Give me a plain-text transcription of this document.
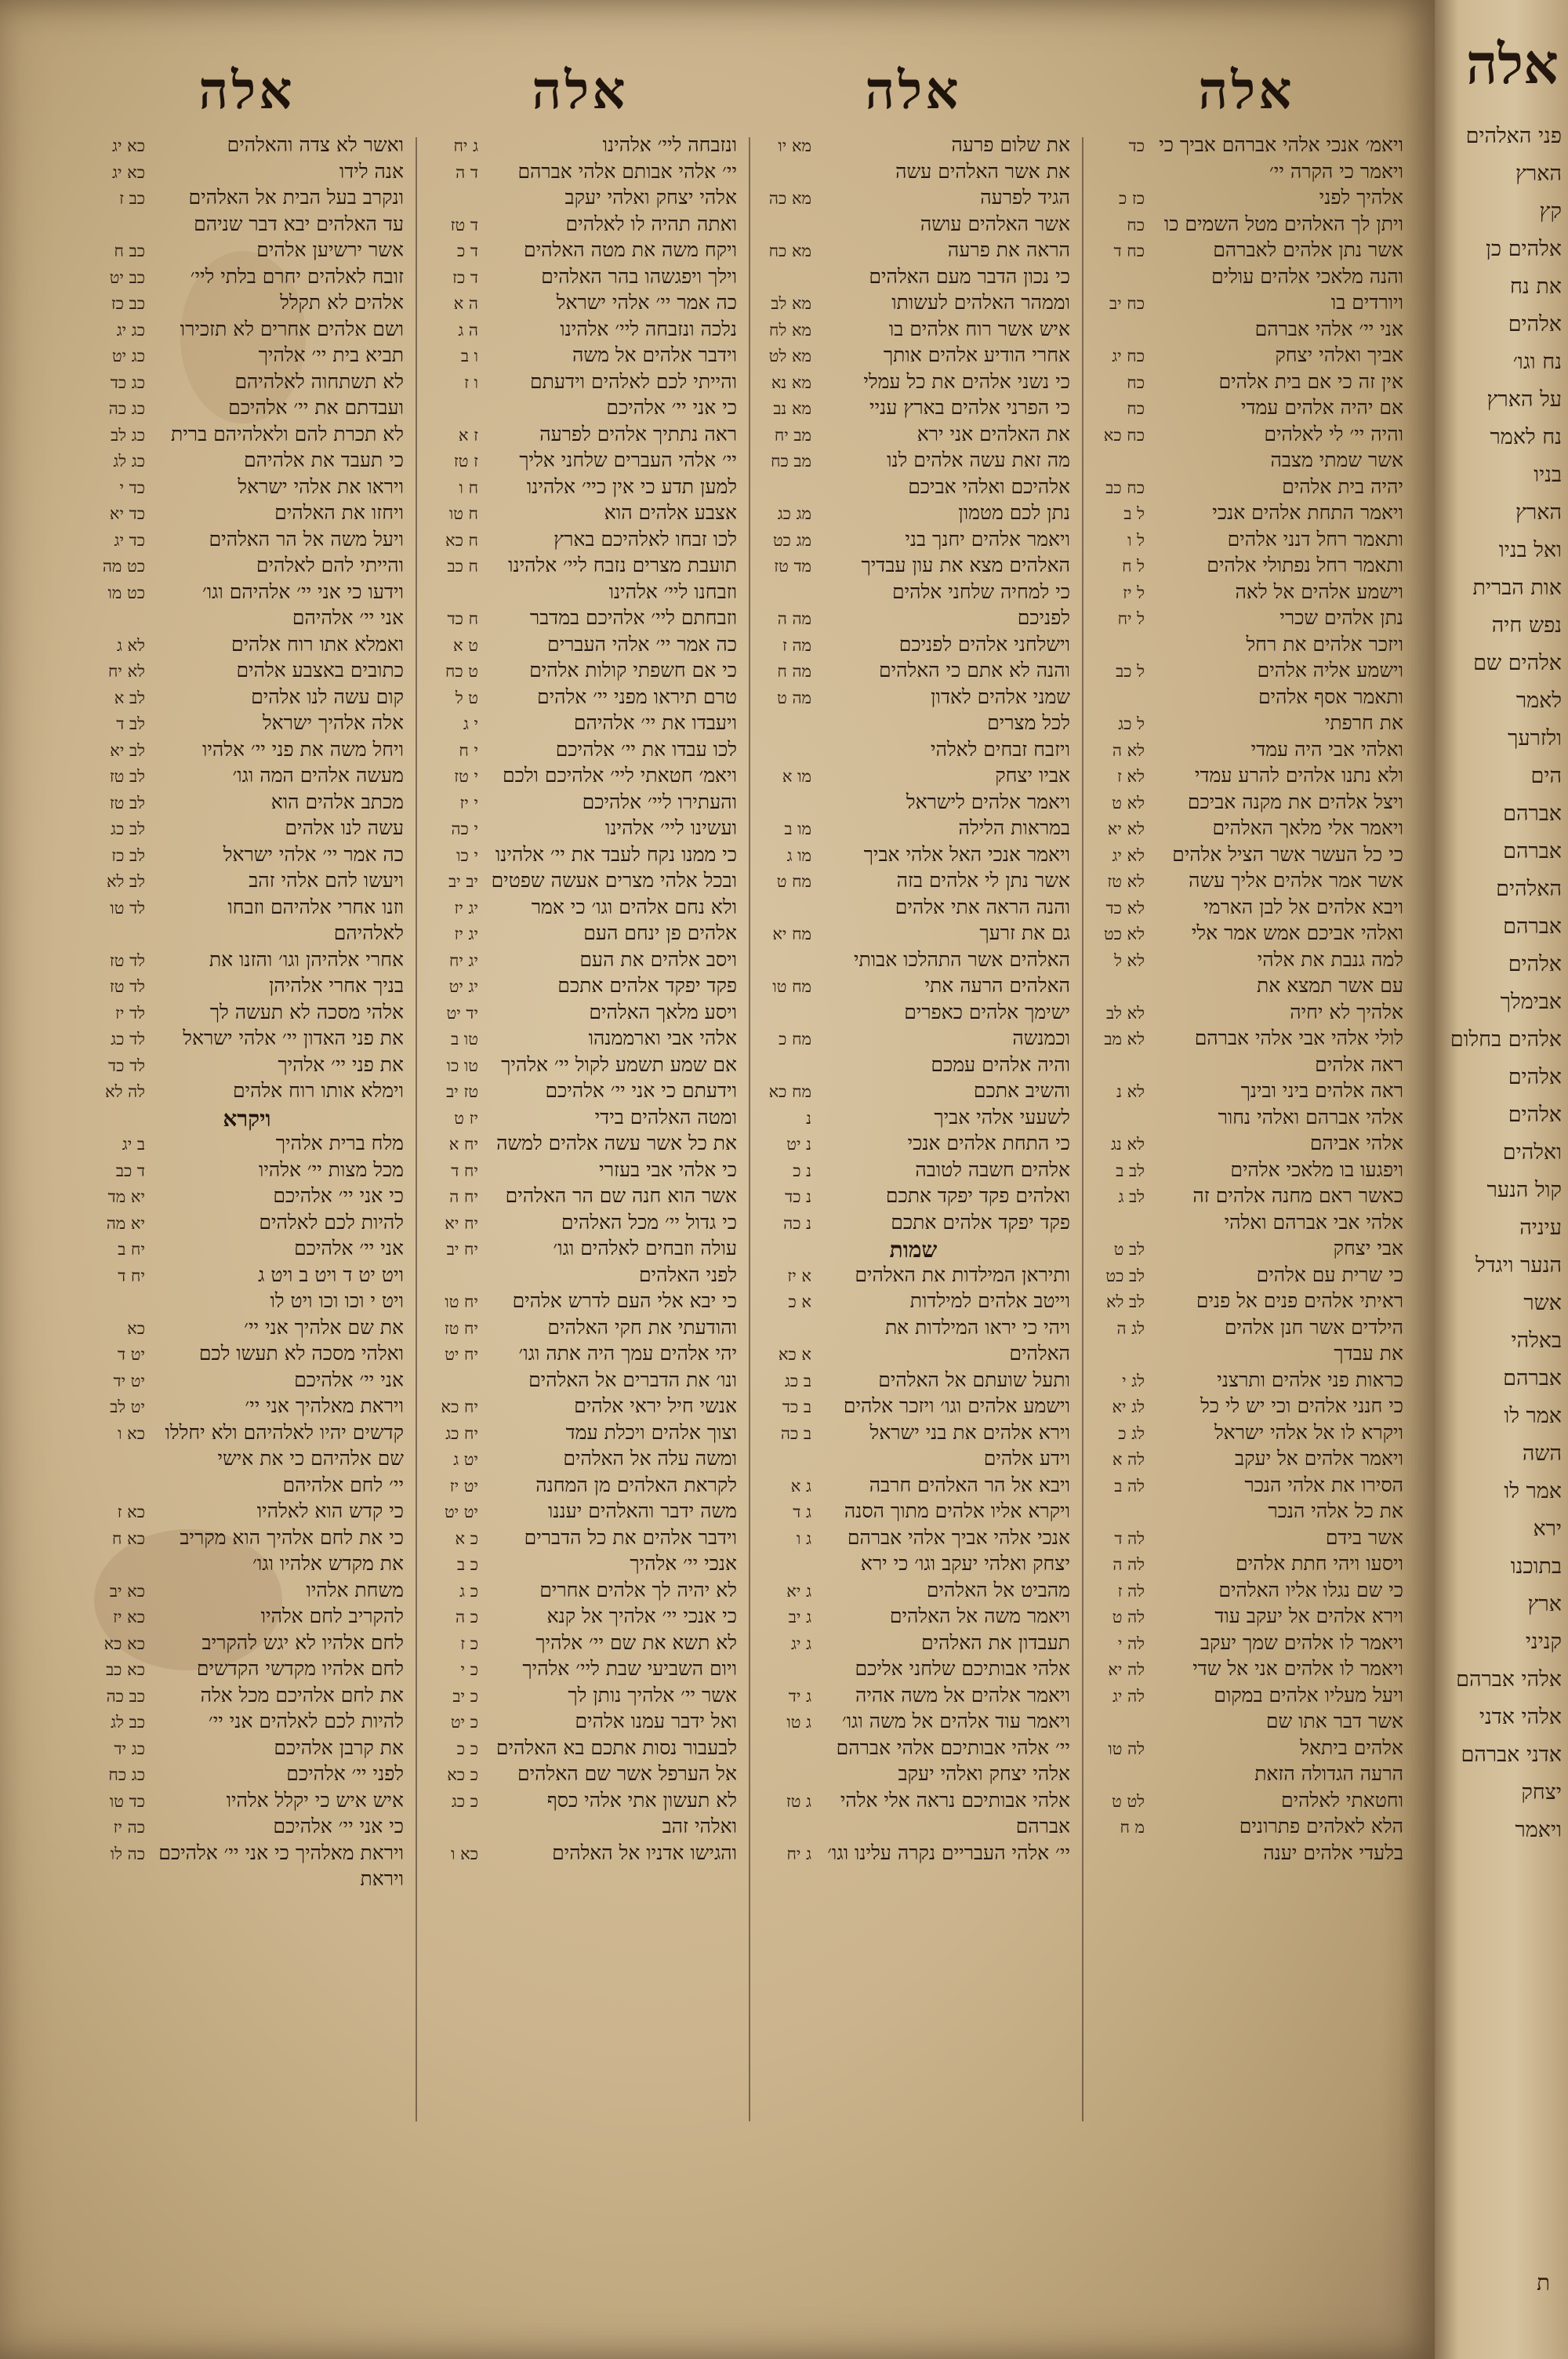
אלה
ויאמ׳ אנכי אלהי אברהם אביך כי
כד
ויאמר כי הקרה יי׳
אלהיך לפני
כז כ
ויתן לך האלהים מטל השמים כו
כח
אשר נתן אלהים לאברהם
כח ד
והנה מלאכי אלהים עולים
ויורדים בו
כח יב
אני יי׳ אלהי אברהם
אביך ואלהי יצחק
כח יג
אין זה כי אם בית אלהים
כח
אם יהיה אלהים עמדי
כח
והיה יי׳ לי לאלהים
כח כא
אשר שמתי מצבה
יהיה בית אלהים
כח כב
ויאמר התחת אלהים אנכי
ל ב
ותאמר רחל דנני אלהים
ל ו
ותאמר רחל נפתולי אלהים
ל ח
וישמע אלהים אל לאה
ל יז
נתן אלהים שכרי
ל יח
ויזכר אלהים את רחל
וישמע אליה אלהים
ל כב
ותאמר אסף אלהים
את חרפתי
ל כג
ואלהי אבי היה עמדי
לא ה
ולא נתנו אלהים להרע עמדי
לא ז
ויצל אלהים את מקנה אביכם
לא ט
ויאמר אלי מלאך האלהים
לא יא
כי כל העשר אשר הציל אלהים
לא יג
אשר אמר אלהים אליך עשה
לא טז
ויבא אלהים אל לבן הארמי
לא כד
ואלהי אביכם אמש אמר אלי
לא כט
למה גנבת את אלהי
לא ל
עם אשר תמצא את
אלהיך לא יחיה
לא לב
לולי אלהי אבי אלהי אברהם
לא מב
ראה אלהים
ראה אלהים ביני ובינך
לא נ
אלהי אברהם ואלהי נחור
אלהי אביהם
לא נג
ויפגעו בו מלאכי אלהים
לב ב
כאשר ראם מחנה אלהים זה
לב ג
אלהי אבי אברהם ואלהי
אבי יצחק
לב ט
כי שרית עם אלהים
לב כט
ראיתי אלהים פנים אל פנים
לב לא
הילדים אשר חנן אלהים
לג ה
את עבדך
כראות פני אלהים ותרצני
לג י
כי חנני אלהים וכי יש לי כל
לג יא
ויקרא לו אל אלהי ישראל
לג כ
ויאמר אלהים אל יעקב
לה א
הסירו את אלהי הנכר
לה ב
את כל אלהי הנכר
אשר בידם
לה ד
ויסעו ויהי חתת אלהים
לה ה
כי שם נגלו אליו האלהים
לה ז
וירא אלהים אל יעקב עוד
לה ט
ויאמר לו אלהים שמך יעקב
לה י
ויאמר לו אלהים אני אל שדי
לה יא
ויעל מעליו אלהים במקום
לה יג
אשר דבר אתו שם
אלהים ביתאל
לה טו
הרעה הגדולה הזאת
וחטאתי לאלהים
לט ט
הלא לאלהים פתרונים
מ ח
בלעדי אלהים יענה
אלה
את שלום פרעה
מא יו
את אשר האלהים עשה
הגיד לפרעה
מא כה
אשר האלהים עושה
הראה את פרעה
מא כח
כי נכון הדבר מעם האלהים
וממהר האלהים לעשותו
מא לב
איש אשר רוח אלהים בו
מא לח
אחרי הודיע אלהים אותך
מא לט
כי נשני אלהים את כל עמלי
מא נא
כי הפרני אלהים בארץ עניי
מא נב
את האלהים אני ירא
מב יח
מה זאת עשה אלהים לנו
מב כח
אלהיכם ואלהי אביכם
נתן לכם מטמון
מג כג
ויאמר אלהים יחנך בני
מג כט
האלהים מצא את עון עבדיך
מד טז
כי למחיה שלחני אלהים
לפניכם
מה ה
וישלחני אלהים לפניכם
מה ז
והנה לא אתם כי האלהים
מה ח
שמני אלהים לאדון
מה ט
לכל מצרים
ויזבח זבחים לאלהי
אביו יצחק
מו א
ויאמר אלהים לישראל
במראות הלילה
מו ב
ויאמר אנכי האל אלהי אביך
מו ג
אשר נתן לי אלהים בזה
מח ט
והנה הראה אתי אלהים
גם את זרעך
מח יא
האלהים אשר התהלכו אבותי
האלהים הרעה אתי
מח טו
ישימך אלהים כאפרים
וכמנשה
מח כ
והיה אלהים עמכם
והשיב אתכם
מח כא
לשעעי אלהי אביך
נ
כי התחת אלהים אנכי
נ יט
אלהים חשבה לטובה
נ כ
ואלהים פקד יפקד אתכם
נ כד
פקד יפקד אלהים אתכם
נ כה
שמות
ותיראן המילדות את האלהים
א יז
וייטב אלהים למילדות
א כ
ויהי כי יראו המילדות את
האלהים
א כא
ותעל שועתם אל האלהים
ב כג
וישמע אלהים וגו׳ ויזכר אלהים
ב כד
וירא אלהים את בני ישראל
ב כה
וידע אלהים
ויבא אל הר האלהים חרבה
ג א
ויקרא אליו אלהים מתוך הסנה
ג ד
אנכי אלהי אביך אלהי אברהם
ג ו
יצחק ואלהי יעקב וגו׳ כי ירא
מהביט אל האלהים
ג יא
ויאמר משה אל האלהים
ג יב
תעבדון את האלהים
ג יג
אלהי אבותיכם שלחני אליכם
ויאמר אלהים אל משה אהיה
ג יד
ויאמר עוד אלהים אל משה וגו׳
ג טו
יי׳ אלהי אבותיכם אלהי אברהם
אלהי יצחק ואלהי יעקב
אלהי אבותיכם נראה אלי אלהי
ג טז
אברהם
יי׳ אלהי העבריים נקרה עלינו וגו׳
ג יח
אלה
ונזבחה ליי׳ אלהינו
ג יח
יי׳ אלהי אבותם אלהי אברהם
ד ה
אלהי יצחק ואלהי יעקב
ואתה תהיה לו לאלהים
ד טז
ויקח משה את מטה האלהים
ד כ
וילך ויפגשהו בהר האלהים
ד כז
כה אמר יי׳ אלהי ישראל
ה א
נלכה ונזבחה ליי׳ אלהינו
ה ג
וידבר אלהים אל משה
ו ב
והייתי לכם לאלהים וידעתם
ו ז
כי אני יי׳ אלהיכם
ראה נתתיך אלהים לפרעה
ז א
יי׳ אלהי העברים שלחני אליך
ז טז
למען תדע כי אין כיי׳ אלהינו
ח ו
אצבע אלהים הוא
ח טו
לכו זבחו לאלהיכם בארץ
ח כא
תועבת מצרים נזבח ליי׳ אלהינו
ח כב
וזבחנו ליי׳ אלהינו
וזבחתם ליי׳ אלהיכם במדבר
ח כד
כה אמר יי׳ אלהי העברים
ט א
כי אם חשפתי קולות אלהים
ט כח
טרם תיראו מפני יי׳ אלהים
ט ל
ויעבדו את יי׳ אלהיהם
י ג
לכו עבדו את יי׳ אלהיכם
י ח
ויאמ׳ חטאתי ליי׳ אלהיכם ולכם
י טז
והעתירו ליי׳ אלהיכם
י יז
ועשינו ליי׳ אלהינו
י כה
כי ממנו נקח לעבד את יי׳ אלהינו
י כו
ובכל אלהי מצרים אעשה שפטים
יב יב
ולא נחם אלהים וגו׳ כי אמר
יג יז
אלהים פן ינחם העם
יג יז
ויסב אלהים את העם
יג יח
פקד יפקד אלהים אתכם
יג יט
ויסע מלאך האלהים
יד יט
אלהי אבי וארממנהו
טו ב
אם שמע תשמע לקול יי׳ אלהיך
טו כו
וידעתם כי אני יי׳ אלהיכם
טז יב
ומטה האלהים בידי
יז ט
את כל אשר עשה אלהים למשה
יח א
כי אלהי אבי בעזרי
יח ד
אשר הוא חנה שם הר האלהים
יח ה
כי גדול יי׳ מכל האלהים
יח יא
עולה וזבחים לאלהים וגו׳
יח יב
לפני האלהים
כי יבא אלי העם לדרש אלהים
יח טו
והודעתי את חקי האלהים
יח טז
יהי אלהים עמך היה אתה וגו׳
יח יט
ונו׳ את הדברים אל האלהים
אנשי חיל יראי אלהים
יח כא
וצוך אלהים ויכלת עמד
יח כג
ומשה עלה אל האלהים
יט ג
לקראת האלהים מן המחנה
יט יז
משה ידבר והאלהים יעננו
יט יט
וידבר אלהים את כל הדברים
כ א
אנכי יי׳ אלהיך
כ ב
לא יהיה לך אלהים אחרים
כ ג
כי אנכי יי׳ אלהיך אל קנא
כ ה
לא תשא את שם יי׳ אלהיך
כ ז
ויום השביעי שבת ליי׳ אלהיך
כ י
אשר יי׳ אלהיך נותן לך
כ יב
ואל ידבר עמנו אלהים
כ יט
לבעבור נסות אתכם בא האלהים
כ כ
אל הערפל אשר שם האלהים
כ כא
לא תעשון אתי אלהי כסף
כ כג
ואלהי זהב
והגישו אדניו אל האלהים
כא ו
אלה
ואשר לא צדה והאלהים
כא יג
אנה לידו
כא יג
ונקרב בעל הבית אל האלהים
כב ז
עד האלהים יבא דבר שניהם
אשר ירשיען אלהים
כב ח
זובח לאלהים יחרם בלתי ליי׳
כב יט
אלהים לא תקלל
כב כז
ושם אלהים אחרים לא תזכירו
כג יג
תביא בית יי׳ אלהיך
כג יט
לא תשתחוה לאלהיהם
כג כד
ועבדתם את יי׳ אלהיכם
כג כה
לא תכרת להם ולאלהיהם ברית
כג לב
כי תעבד את אלהיהם
כג לג
ויראו את אלהי ישראל
כד י
ויחזו את האלהים
כד יא
ויעל משה אל הר האלהים
כד יג
והייתי להם לאלהים
כט מה
וידעו כי אני יי׳ אלהיהם וגו׳
כט מו
אני יי׳ אלהיהם
ואמלא אתו רוח אלהים
לא ג
כתובים באצבע אלהים
לא יח
קום עשה לנו אלהים
לב א
אלה אלהיך ישראל
לב ד
ויחל משה את פני יי׳ אלהיו
לב יא
מעשה אלהים המה וגו׳
לב טז
מכתב אלהים הוא
לב טז
עשה לנו אלהים
לב כג
כה אמר יי׳ אלהי ישראל
לב כז
ויעשו להם אלהי זהב
לב לא
וזנו אחרי אלהיהם וזבחו
לד טו
לאלהיהם
אחרי אלהיהן וגו׳ והזנו את
לד טז
בניך אחרי אלהיהן
לד טז
אלהי מסכה לא תעשה לך
לד יז
את פני האדון יי׳ אלהי ישראל
לד כג
את פני יי׳ אלהיך
לד כד
וימלא אותו רוח אלהים
לה לא
ויקרא
מלח ברית אלהיך
ב יג
מכל מצות יי׳ אלהיו
ד כב
כי אני יי׳ אלהיכם
יא מד
להיות לכם לאלהים
יא מה
אני יי׳ אלהיכם
יח ב
ויט יט ד ויט ב ויט ג
יח ד
ויט י וכו וכו ויט לו
את שם אלהיך אני יי׳
כא
ואלהי מסכה לא תעשו לכם
יט ד
אני יי׳ אלהיכם
יט יד
ויראת מאלהיך אני יי׳
יט לב
קדשים יהיו לאלהיהם ולא יחללו
כא ו
שם אלהיהם כי את אישי
יי׳ לחם אלהיהם
כי קדש הוא לאלהיו
כא ז
כי את לחם אלהיך הוא מקריב
כא ח
את מקדש אלהיו וגו׳
משחת אלהיו
כא יב
להקריב לחם אלהיו
כא יז
לחם אלהיו לא יגש להקריב
כא כא
לחם אלהיו מקדשי הקדשים
כא כב
את לחם אלהיכם מכל אלה
כב כה
להיות לכם לאלהים אני יי׳
כב לג
את קרבן אלהיכם
כג יד
לפני יי׳ אלהיכם
כג כח
איש איש כי יקלל אלהיו
כד טו
כי אני יי׳ אלהיכם
כה יז
ויראת מאלהיך כי אני יי׳ אלהיכם
כה לו
ויראת
אלה
פני האלהים
הארץ
קץ
אלהים כן
את נח
אלהים
נח וגו׳
על הארץ
נח לאמר
בניו
הארץ
ואל בניו
אות הברית
נפש חיה
אלהים שם
לאמר
ולזרעך
הים
אברהם
אברהם
האלהים
אברהם
אלהים
אבימלך
אלהים בחלום
אלהים
אלהים
ואלהים
קול הנער
עיניה
הנער ויגדל
אשר
באלהי
אברהם
אמר לו
השה
אמר לו
ירא
בתוכנו
ארץ
קניני
אלהי אברהם
אלהי אדני
אדני אברהם
יצחק
ויאמר
ת
